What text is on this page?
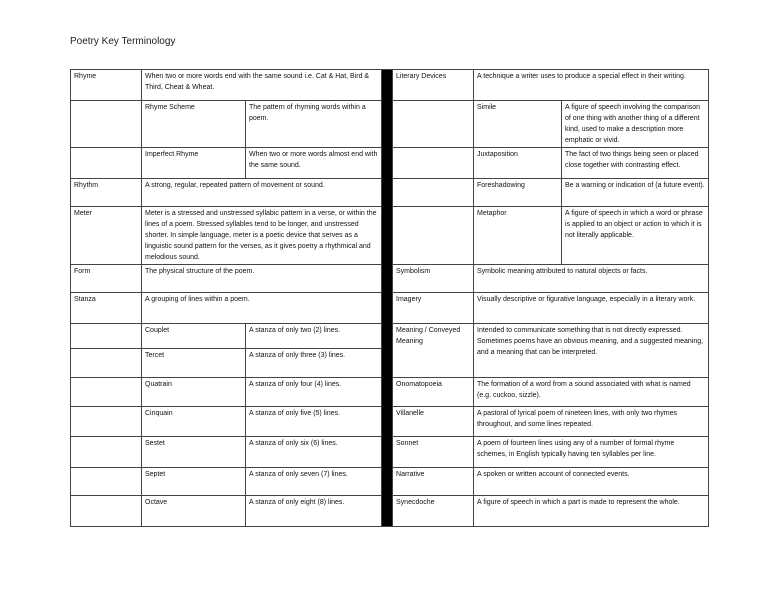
Poetry Key Terminology
Rhyme	When two or more words end with the same sound i.e. Cat & Hat, Bird & Third, Cheat & Wheat.			Literary Devices	A technique a writer uses to produce a special effect in their writing.	
	Rhyme Scheme	The pattern of rhyming words within a poem.			Simile	A figure of speech involving the comparison of one thing with another thing of a different kind, used to make a description more emphatic or vivid.
	Imperfect Rhyme	When two or more words almost end with the same sound.			Juxtaposition	The fact of two things being seen or placed close together with contrasting effect.
Rhythm	A strong, regular, repeated pattern of movement or sound.				Foreshadowing	Be a warning or indication of (a future event).
Meter	Meter is a stressed and unstressed syllabic pattern in a verse, or within the lines of a poem. Stressed syllables tend to be longer, and unstressed shorter. In simple language, meter is a poetic device that serves as a linguistic sound pattern for the verses, as it gives poetry a rhythmical and melodious sound.				Metaphor	A figure of speech in which a word or phrase is applied to an object or action to which it is not literally applicable.
Form	The physical structure of the poem.			Symbolism	Symbolic meaning attributed to natural objects or facts.	
Stanza	A grouping of lines within a poem.			Imagery	Visually descriptive or figurative language, especially in a literary work.	
	Couplet	A stanza of only two (2) lines.		Meaning / Conveyed Meaning	Intended to communicate something that is not directly expressed. Sometimes poems have an obvious meaning, and a suggested meaning, and a meaning that can be interpreted.	
	Tercet	A stanza of only three (3) lines.				
	Quatrain	A stanza of only four (4) lines.		Onomatopoeia	The formation of a word from a sound associated with what is named (e.g. cuckoo, sizzle).	
	Cinquain	A stanza of only five (5) lines.		Villanelle	A pastoral of lyrical poem of nineteen lines, with only two rhymes throughout, and some lines repeated.	
	Sestet	A stanza of only six (6) lines.		Sonnet	A poem of fourteen lines using any of a number of formal rhyme schemes, in English typically having ten syllables per line.	
	Septet	A stanza of only seven (7) lines.		Narrative	A spoken or written account of connected events.	
	Octave	A stanza of only eight (8) lines.		Synecdoche	A figure of speech in which a part is made to represent the whole.	
